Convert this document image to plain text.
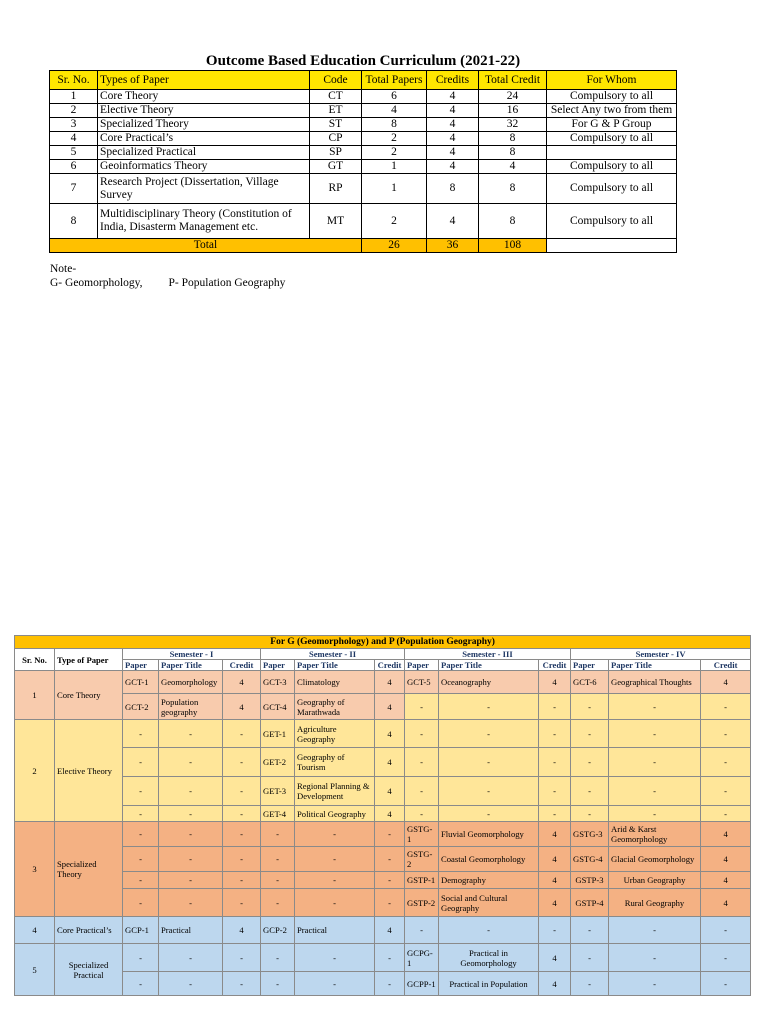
Outcome Based Education Curriculum (2021-22)
Sr. No.	Types of Paper	Code	Total Papers	Credits	Total Credit	For Whom
1	Core Theory	CT	6	4	24	Compulsory to all
2	Elective Theory	ET	4	4	16	Select Any two from them
3	Specialized Theory	ST	8	4	32	For G & P Group
4	Core Practical’s	CP	2	4	8	Compulsory to all
5	Specialized Practical	SP	2	4	8	
6	Geoinformatics Theory	GT	1	4	4	Compulsory to all
7	Research Project (Dissertation, Village Survey	RP	1	8	8	Compulsory to all
8	Multidisciplinary Theory (Constitution of India, Disasterm Management etc.	MT	2	4	8	Compulsory to all
Total			26	36	108	
Note-
G- Geomorphology, P- Population Geography
For G (Geomorphology) and P (Population Geography)													
Sr. No.	Type of Paper	Semester - I			Semester - II			Semester - III			Semester - IV		
		Paper	Paper Title	Credit	Paper	Paper Title	Credit	Paper	Paper Title	Credit	Paper	Paper Title	Credit
1	Core Theory	GCT-1	Geomorphology	4	GCT-3	Climatology	4	GCT-5	Oceanography	4	GCT-6	Geographical Thoughts	4
		GCT-2	Population geography	4	GCT-4	Geography of Marathwada	4	-	-	-	-	-	-
2	Elective Theory	-	-	-	GET-1	Agriculture Geography	4	-	-	-	-	-	-
		-	-	-	GET-2	Geography of Tourism	4	-	-	-	-	-	-
		-	-	-	GET-3	Regional Planning & Development	4	-	-	-	-	-	-
		-	-	-	GET-4	Political Geography	4	-	-	-	-	-	-
3	Specialized Theory	-	-	-	-	-	-	GSTG-1	Fluvial Geomorphology	4	GSTG-3	Arid & Karst Geomorphology	4
		-	-	-	-	-	-	GSTG-2	Coastal Geomorphology	4	GSTG-4	Glacial Geomorphology	4
		-	-	-	-	-	-	GSTP-1	Demography	4	GSTP-3	Urban Geography	4
		-	-	-	-	-	-	GSTP-2	Social and Cultural Geography	4	GSTP-4	Rural Geography	4
4	Core Practical’s	GCP-1	Practical	4	GCP-2	Practical	4	-	-	-	-	-	-
5	Specialized Practical	-	-	-	-	-	-	GCPG-1	Practical in Geomorphology	4	-	-	-
		-	-	-	-	-	-	GCPP-1	Practical in Population	4	-	-	-
